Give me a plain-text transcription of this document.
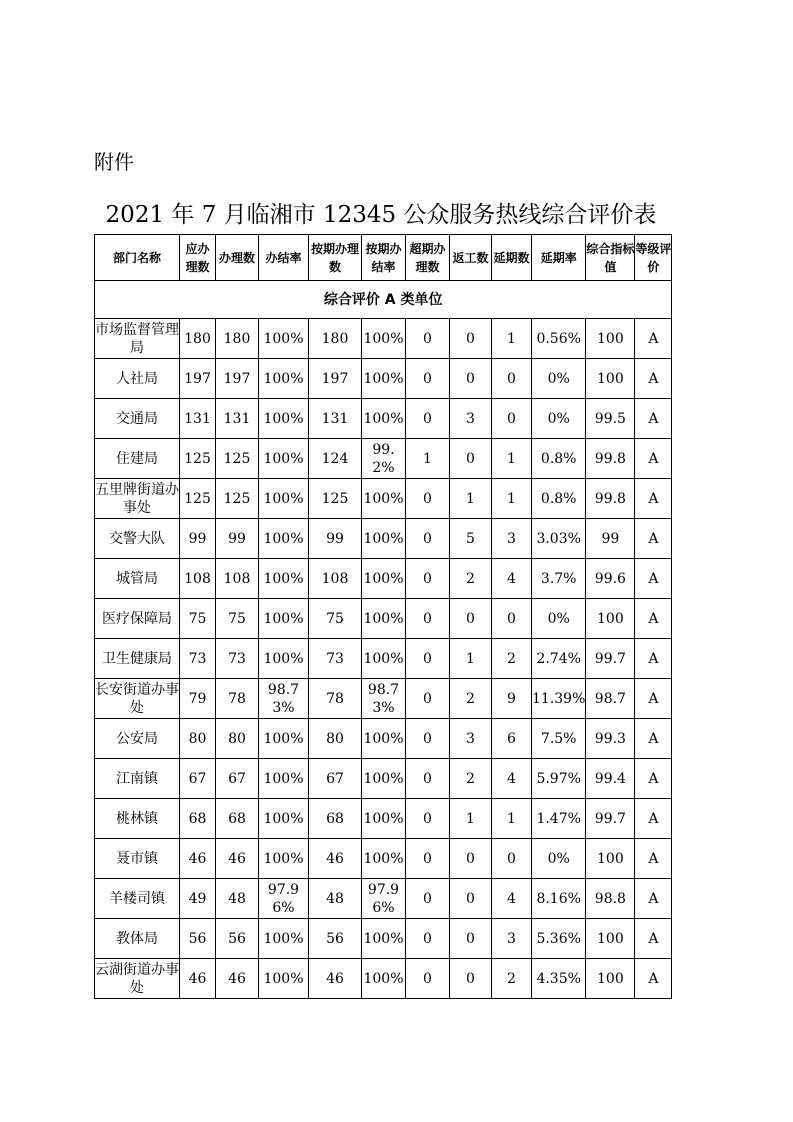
附件
2021 年 7 月临湘市 12345 公众服务热线综合评价表
部门名称	应办理数	办理数	办结率	按期办理数	按期办结率	超期办理数	返工数	延期数	延期率	综合指标值	等级评价
综合评价 A 类单位											
市场监督管理局	180	180	100%	180	100%	0	0	1	0.56%	100	A
人社局	197	197	100%	197	100%	0	0	0	0%	100	A
交通局	131	131	100%	131	100%	0	3	0	0%	99.5	A
住建局	125	125	100%	124	99.2%	1	0	1	0.8%	99.8	A
五里牌街道办事处	125	125	100%	125	100%	0	1	1	0.8%	99.8	A
交警大队	99	99	100%	99	100%	0	5	3	3.03%	99	A
城管局	108	108	100%	108	100%	0	2	4	3.7%	99.6	A
医疗保障局	75	75	100%	75	100%	0	0	0	0%	100	A
卫生健康局	73	73	100%	73	100%	0	1	2	2.74%	99.7	A
长安街道办事处	79	78	98.73%	78	98.73%	0	2	9	11.39%	98.7	A
公安局	80	80	100%	80	100%	0	3	6	7.5%	99.3	A
江南镇	67	67	100%	67	100%	0	2	4	5.97%	99.4	A
桃林镇	68	68	100%	68	100%	0	1	1	1.47%	99.7	A
聂市镇	46	46	100%	46	100%	0	0	0	0%	100	A
羊楼司镇	49	48	97.96%	48	97.96%	0	0	4	8.16%	98.8	A
教体局	56	56	100%	56	100%	0	0	3	5.36%	100	A
云湖街道办事处	46	46	100%	46	100%	0	0	2	4.35%	100	A
